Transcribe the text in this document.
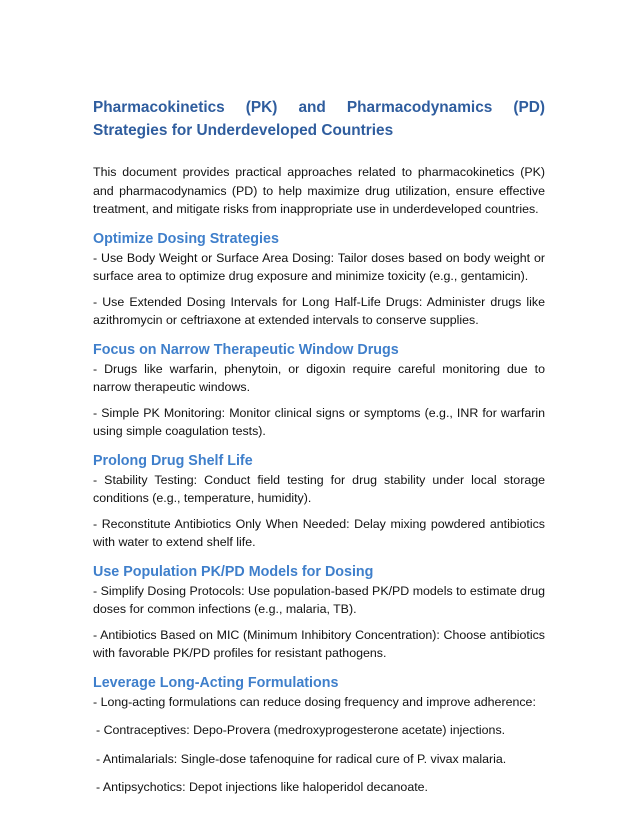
Pharmacokinetics (PK) and Pharmacodynamics (PD) Strategies for Underdeveloped Countries

This document provides practical approaches related to pharmacokinetics (PK) and pharmacodynamics (PD) to help maximize drug utilization, ensure effective treatment, and mitigate risks from inappropriate use in underdeveloped countries.

Optimize Dosing Strategies

- Use Body Weight or Surface Area Dosing: Tailor doses based on body weight or surface area to optimize drug exposure and minimize toxicity (e.g., gentamicin).

- Use Extended Dosing Intervals for Long Half-Life Drugs: Administer drugs like azithromycin or ceftriaxone at extended intervals to conserve supplies.

Focus on Narrow Therapeutic Window Drugs

- Drugs like warfarin, phenytoin, or digoxin require careful monitoring due to narrow therapeutic windows.

- Simple PK Monitoring: Monitor clinical signs or symptoms (e.g., INR for warfarin using simple coagulation tests).

Prolong Drug Shelf Life

- Stability Testing: Conduct field testing for drug stability under local storage conditions (e.g., temperature, humidity).

- Reconstitute Antibiotics Only When Needed: Delay mixing powdered antibiotics with water to extend shelf life.

Use Population PK/PD Models for Dosing

- Simplify Dosing Protocols: Use population-based PK/PD models to estimate drug doses for common infections (e.g., malaria, TB).

- Antibiotics Based on MIC (Minimum Inhibitory Concentration): Choose antibiotics with favorable PK/PD profiles for resistant pathogens.

Leverage Long-Acting Formulations

- Long-acting formulations can reduce dosing frequency and improve adherence:

- Contraceptives: Depo-Provera (medroxyprogesterone acetate) injections.

- Antimalarials: Single-dose tafenoquine for radical cure of P. vivax malaria.

- Antipsychotics: Depot injections like haloperidol decanoate.
